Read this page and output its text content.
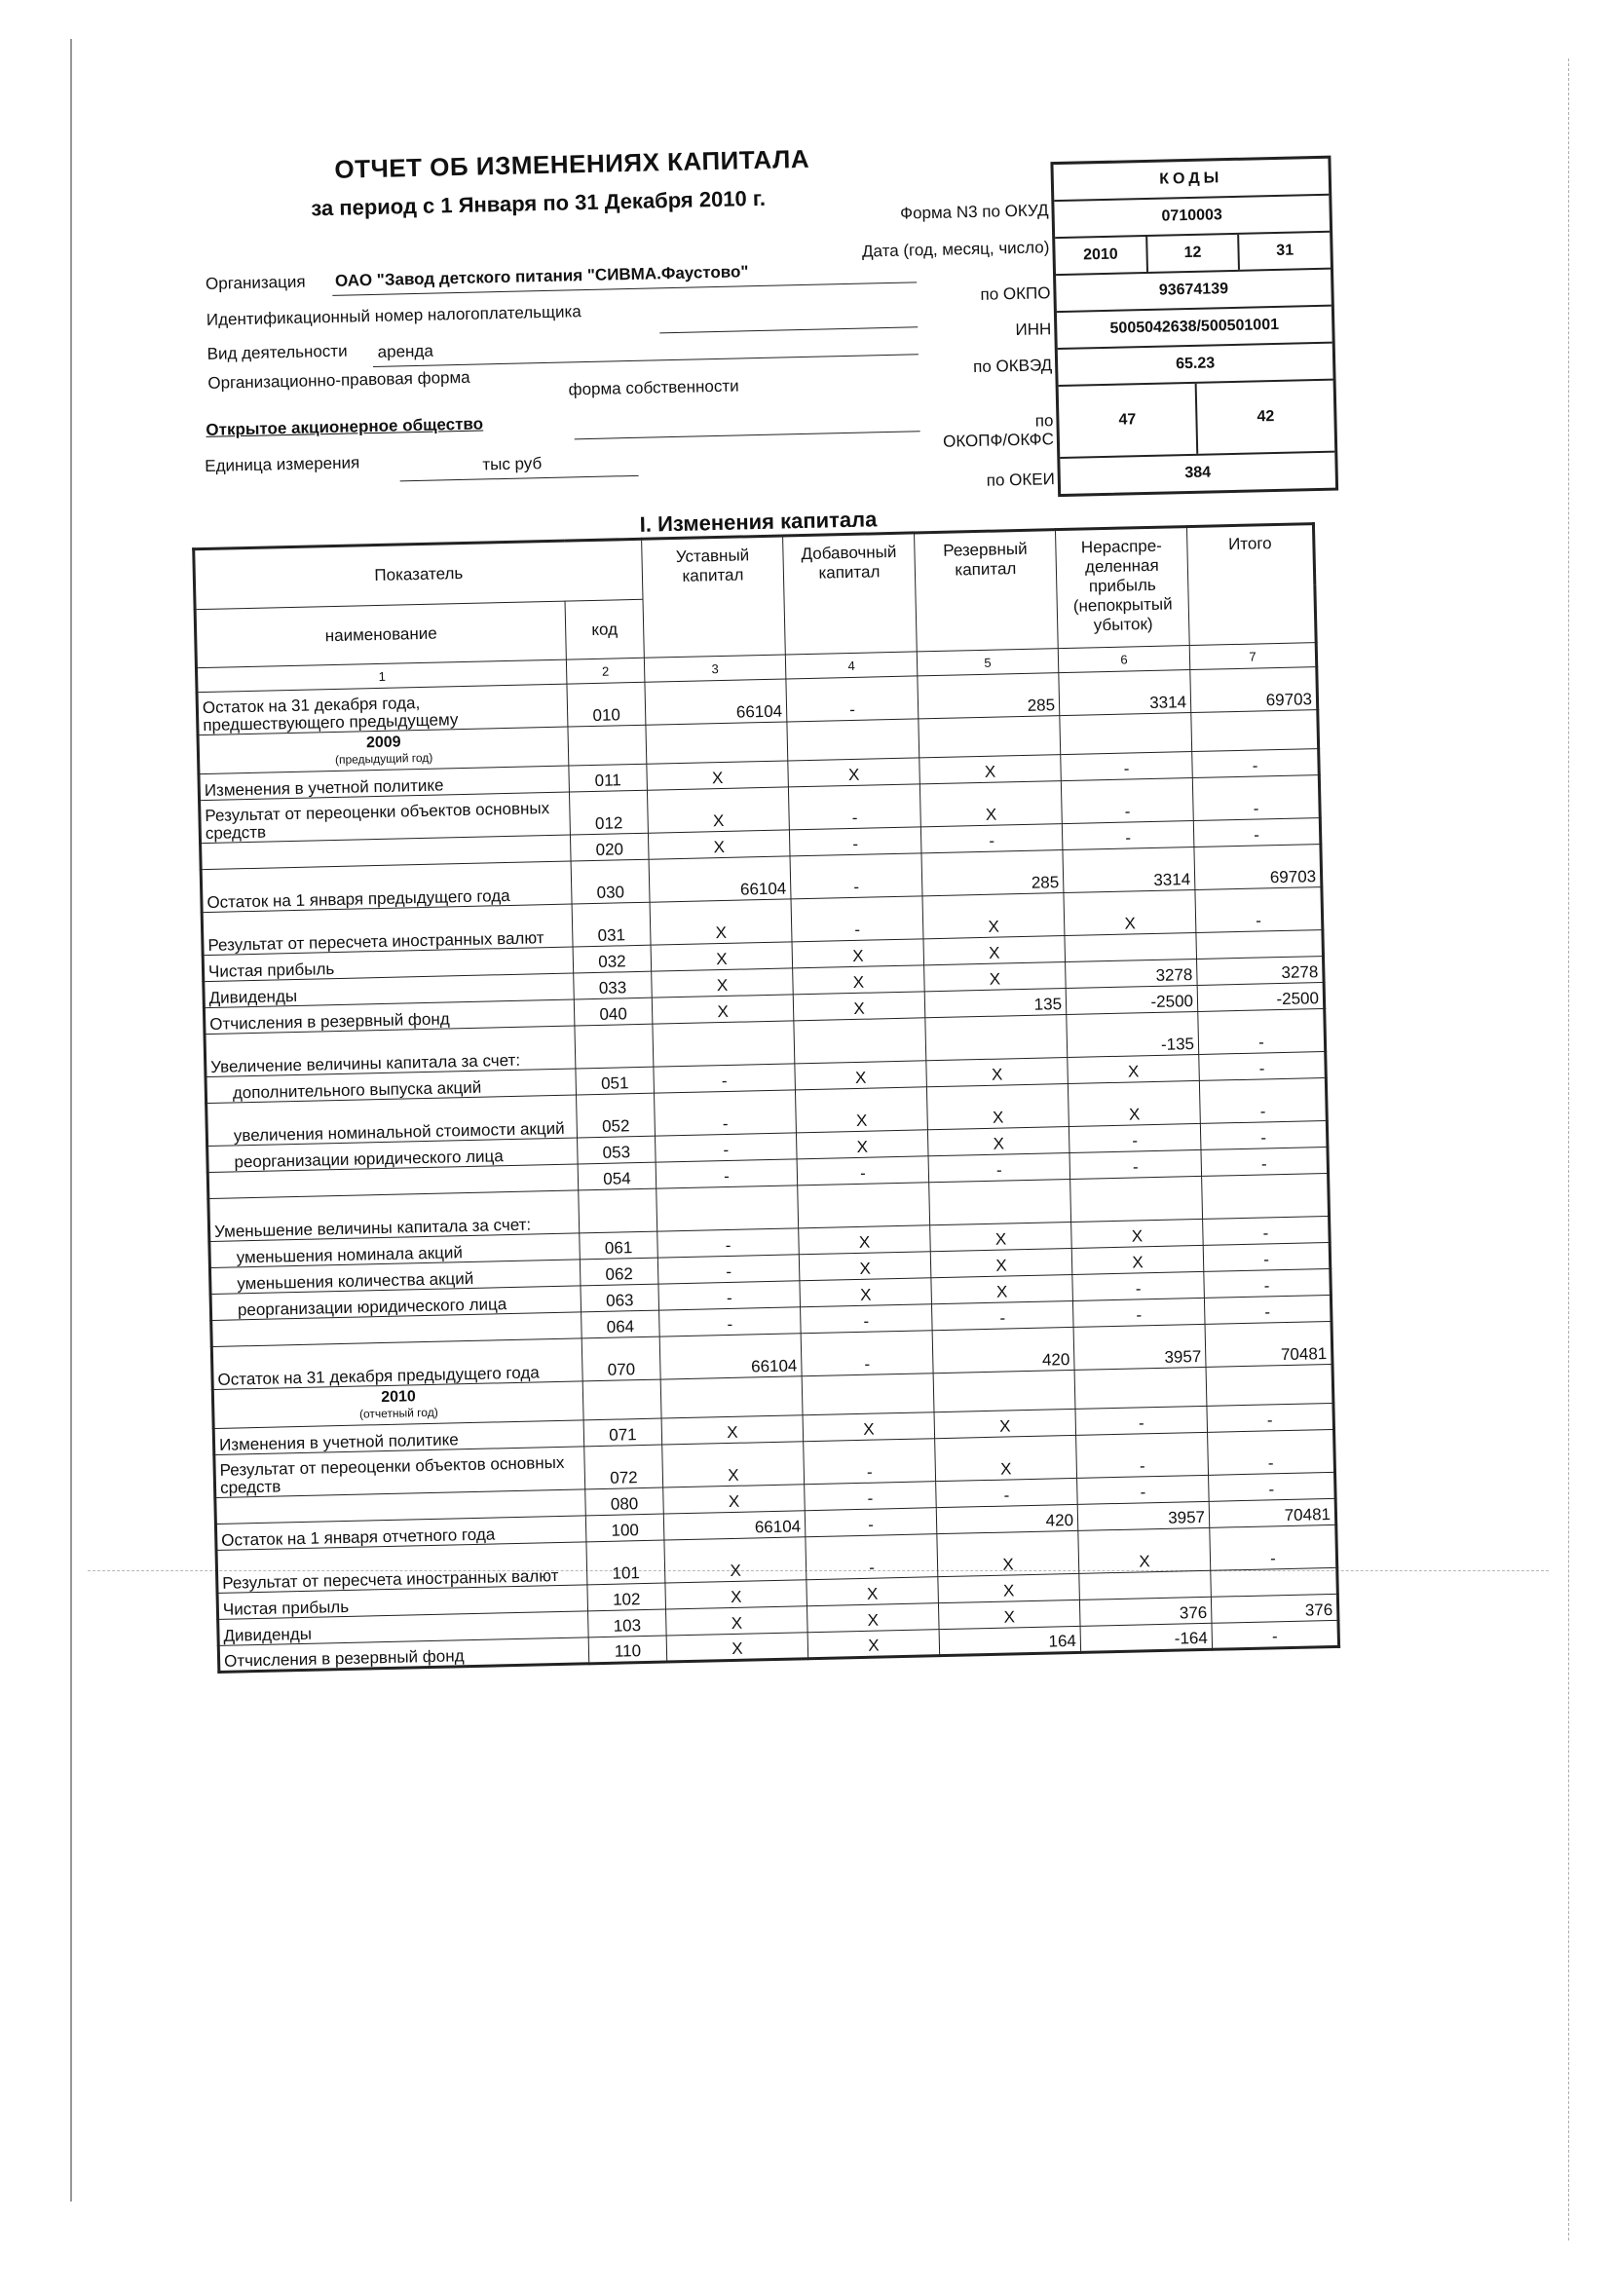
ОТЧЕТ ОБ ИЗМЕНЕНИЯХ КАПИТАЛА
за период с 1 Января по 31 Декабря 2010 г.
Организация ОАО "Завод детского питания "СИВМА.Фаустово"
Идентификационный номер налогоплательщика
Вид деятельности аренда
Организационно-правовая форма	форма собственности
Открытое акционерное общество
Единица измерения	тыс руб
Форма N3 по ОКУД
Дата (год, месяц, число)
по ОКПО
ИНН
по ОКВЭД
по
ОКОПФ/ОКФС
по ОКЕИ
КОДЫ
0710003
2010	12	31
93674139
5005042638/500501001
65.23
47	42
384
I. Изменения капитала
Показатель		Уставный капитал	Добавочный капитал	Резервный капитал	Нераспре- деленная прибыль (непокрытый убыток)	Итого
наименование	код					
1	2	3	4	5	6	7
Остаток на 31 декабря года, предшествующего предыдущему	010	66104	-	285	3314	69703
2009
(предыдущий год)						

Изменения в учетной политике	011	X	X	X	-	-
Результат от переоценки объектов основных средств	012	X	-	X	-	-
	020	X	-	-	-	-
Остаток на 1 января предыдущего года	030	66104	-	285	3314	69703
Результат от пересчета иностранных валют	031	X	-	X	X	-
Чистая прибыль	032	X	X	X		
Дивиденды	033	X	X	X	3278	3278
Отчисления в резервный фонд	040	X	X	135	-2500	-2500
Увеличение величины капитала за счет:					-135	-
дополнительного выпуска акций	051	-	X	X	X	-
увеличения номинальной стоимости акций	052	-	X	X	X	-
реорганизации юридического лица	053	-	X	X	-	-
	054	-	-	-	-	-
Уменьшение величины капитала за счет:						
уменьшения номинала акций	061	-	X	X	X	-
уменьшения количества акций	062	-	X	X	X	-
реорганизации юридического лица	063	-	X	X	-	-
	064	-	-	-	-	-
Остаток на 31 декабря предыдущего года	070	66104	-	420	3957	70481
2010
(отчетный год)						

Изменения в учетной политике	071	X	X	X	-	-
Результат от переоценки объектов основных средств	072	X	-	X	-	-
	080	X	-	-	-	-
Остаток на 1 января отчетного года	100	66104	-	420	3957	70481
Результат от пересчета иностранных валют	101	X	-	X	X	-
Чистая прибыль	102	X	X	X		
Дивиденды	103	X	X	X	376	376
Отчисления в резервный фонд	110	X	X	164	-164	-
